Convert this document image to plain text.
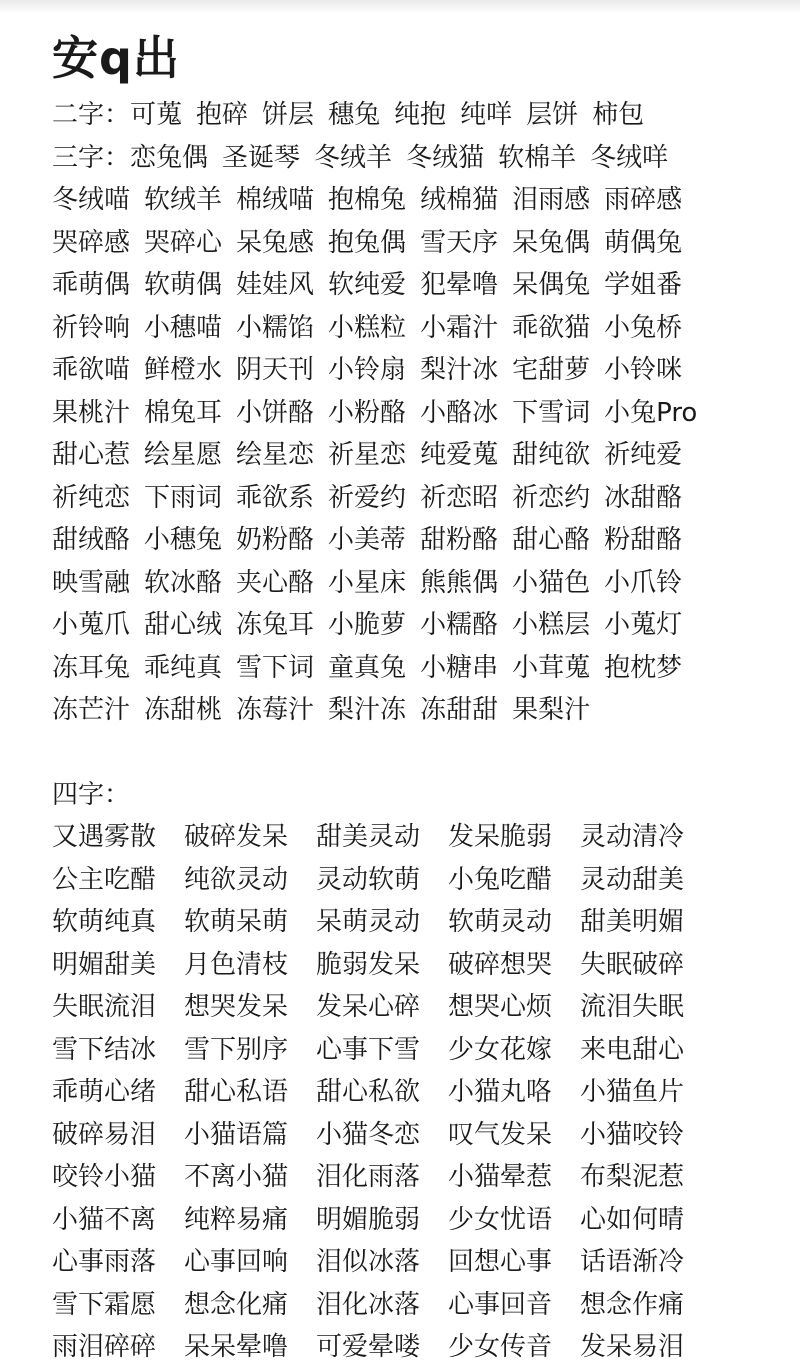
安q出
二字：可蒐 抱碎 饼层 穗兔 纯抱 纯咩 层饼 柿包
三字：恋兔偶 圣诞琴 冬绒羊 冬绒猫 软棉羊 冬绒咩
冬绒喵 软绒羊 棉绒喵 抱棉兔 绒棉猫 泪雨感 雨碎感
哭碎感 哭碎心 呆兔感 抱兔偶 雪天序 呆兔偶 萌偶兔
乖萌偶 软萌偶 娃娃风 软纯爱 犯晕噜 呆偶兔 学姐番
祈铃响 小穗喵 小糯馅 小糕粒 小霜汁 乖欲猫 小兔桥
乖欲喵 鲜橙水 阴天刊 小铃扇 梨汁冰 宅甜萝 小铃咪
果桃汁 棉兔耳 小饼酪 小粉酪 小酪冰 下雪词 小兔Pro
甜心惹 绘星愿 绘星恋 祈星恋 纯爱蒐 甜纯欲 祈纯爱
祈纯恋 下雨词 乖欲系 祈爱约 祈恋昭 祈恋约 冰甜酪
甜绒酪 小穗兔 奶粉酪 小美蒂 甜粉酪 甜心酪 粉甜酪
映雪融 软冰酪 夹心酪 小星床 熊熊偶 小猫色 小爪铃
小蒐爪 甜心绒 冻兔耳 小脆萝 小糯酪 小糕层 小蒐灯
冻耳兔 乖纯真 雪下词 童真兔 小糖串 小茸蒐 抱枕梦
冻芒汁 冻甜桃 冻莓汁 梨汁冻 冻甜甜 果梨汁
四字：
又遇雾散	破碎发呆	甜美灵动	发呆脆弱	灵动清冷
公主吃醋	纯欲灵动	灵动软萌	小兔吃醋	灵动甜美
软萌纯真	软萌呆萌	呆萌灵动	软萌灵动	甜美明媚
明媚甜美	月色清枝	脆弱发呆	破碎想哭	失眠破碎
失眠流泪	想哭发呆	发呆心碎	想哭心烦	流泪失眠
雪下结冰	雪下别序	心事下雪	少女花嫁	来电甜心
乖萌心绪	甜心私语	甜心私欲	小猫丸咯	小猫鱼片
破碎易泪	小猫语篇	小猫冬恋	叹气发呆	小猫咬铃
咬铃小猫	不离小猫	泪化雨落	小猫晕惹	布梨泥惹
小猫不离	纯粹易痛	明媚脆弱	少女忧语	心如何晴
心事雨落	心事回响	泪似冰落	回想心事	话语渐冷
雪下霜愿	想念化痛	泪化冰落	心事回音	想念作痛
雨泪碎碎	呆呆晕噜	可爱晕喽	少女传音	发呆易泪
